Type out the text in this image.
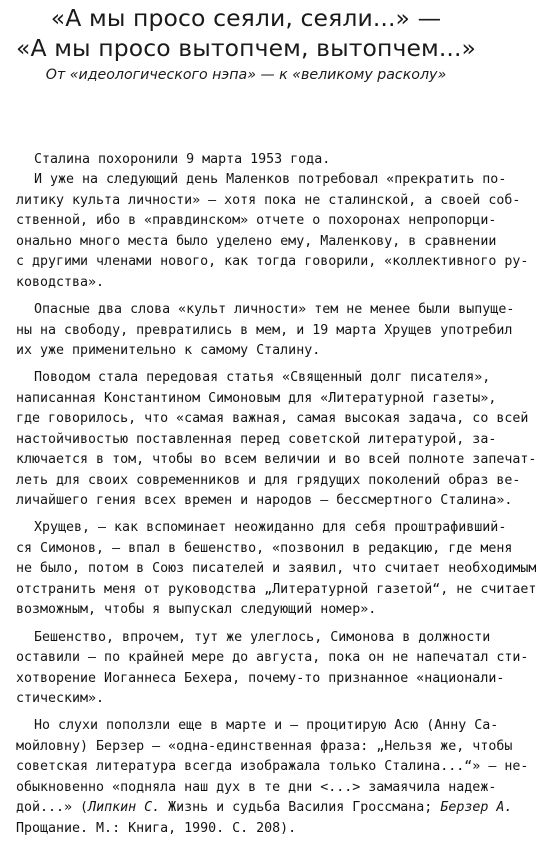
«А мы просо сеяли, сеяли...» —
«А мы просо вытопчем, вытопчем...»
От «идеологического нэпа» — к «великому расколу»
Сталина похоронили 9 марта 1953 года.
И уже на следующий день Маленков потребовал «прекратить по-
литику культа личности» — хотя пока не сталинской, а своей соб-
ственной, ибо в «правдинском» отчете о похоронах непропорци-
онально много места было уделено ему, Маленкову, в сравнении
с другими членами нового, как тогда говорили, «коллективного ру-
ководства».
Опасные два слова «культ личности» тем не менее были выпуще-
ны на свободу, превратились в мем, и 19 марта Хрущев употребил
их уже применительно к самому Сталину.
Поводом стала передовая статья «Священный долг писателя»,
написанная Константином Симоновым для «Литературной газеты»,
где говорилось, что «самая важная, самая высокая задача, со всей
настойчивостью поставленная перед советской литературой, за-
ключается в том, чтобы во всем величии и во всей полноте запечат-
леть для своих современников и для грядущих поколений образ ве-
личайшего гения всех времен и народов — бессмертного Сталина».
Хрущев, — как вспоминает неожиданно для себя проштрафивший-
ся Симонов, — впал в бешенство, «позвонил в редакцию, где меня
не было, потом в Союз писателей и заявил, что считает необходимым
отстранить меня от руководства „Литературной газетой“, не считает
возможным, чтобы я выпускал следующий номер».
Бешенство, впрочем, тут же улеглось, Симонова в должности
оставили — по крайней мере до августа, пока он не напечатал сти-
хотворение Иоганнеса Бехера, почему-то признанное «национали-
стическим».
Но слухи поползли еще в марте и — процитирую Асю (Анну Са-
мойловну) Берзер — «одна-единственная фраза: „Нельзя же, чтобы
советская литература всегда изображала только Сталина...“» — не-
обыкновенно «подняла наш дух в те дни <...> замаячила надеж-
дой...» (Липкин С. Жизнь и судьба Василия Гроссмана; Берзер А.
Прощание. М.: Книга, 1990. С. 208).
